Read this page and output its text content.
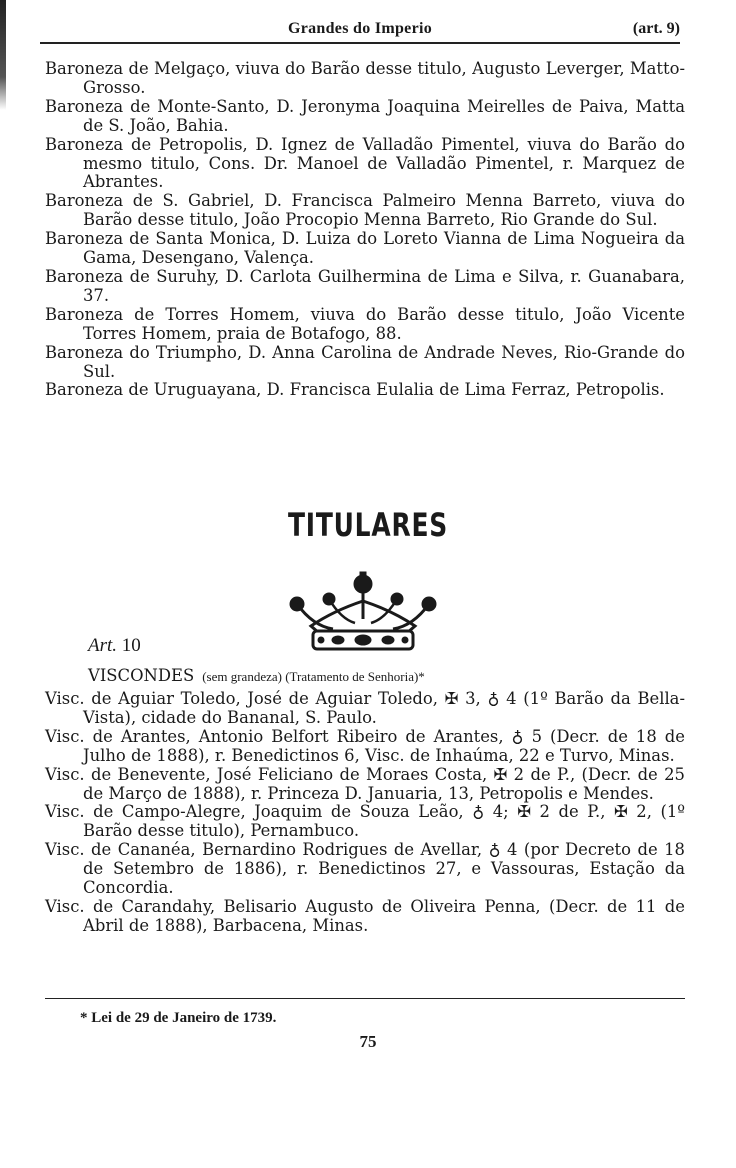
Grandes do Imperio	(art. 9)

Baroneza de Melgaço, viuva do Barão desse titulo, Augusto Leverger, Matto-Grosso.

Baroneza de Monte-Santo, D. Jeronyma Joaquina Meirelles de Paiva, Matta de S. João, Bahia.

Baroneza de Petropolis, D. Ignez de Valladão Pimentel, viuva do Barão do mesmo titulo, Cons. Dr. Manoel de Valladão Pimentel, r. Marquez de Abrantes.

Baroneza de S. Gabriel, D. Francisca Palmeiro Menna Barreto, viuva do Barão desse titulo, João Procopio Menna Barreto, Rio Grande do Sul.

Baroneza de Santa Monica, D. Luiza do Loreto Vianna de Lima Nogueira da Gama, Desengano, Valença.

Baroneza de Suruhy, D. Carlota Guilhermina de Lima e Silva, r. Guanabara, 37.

Baroneza de Torres Homem, viuva do Barão desse titulo, João Vicente Torres Homem, praia de Botafogo, 88.

Baroneza do Triumpho, D. Anna Carolina de Andrade Neves, Rio-Grande do Sul.

Baroneza de Uruguayana, D. Francisca Eulalia de Lima Ferraz, Petropolis.

TITULARES
Art. 10
VISCONDES (sem grandeza) (Tratamento de Senhoria)*

Visc. de Aguiar Toledo, José de Aguiar Toledo, ✠ 3, ♁ 4 (1º Barão da Bella-Vista), cidade do Bananal, S. Paulo.

Visc. de Arantes, Antonio Belfort Ribeiro de Arantes, ♁ 5 (Decr. de 18 de Julho de 1888), r. Benedictinos 6, Visc. de Inhaúma, 22 e Turvo, Minas.

Visc. de Benevente, José Feliciano de Moraes Costa, ✠ 2 de P., (Decr. de 25 de Março de 1888), r. Princeza D. Januaria, 13, Petropolis e Mendes.

Visc. de Campo-Alegre, Joaquim de Souza Leão, ♁ 4; ✠ 2 de P., ✠ 2, (1º Barão desse titulo), Pernambuco.

Visc. de Cananéa, Bernardino Rodrigues de Avellar, ♁ 4 (por Decreto de 18 de Setembro de 1886), r. Benedictinos 27, e Vassouras, Estação da Concordia.

Visc. de Carandahy, Belisario Augusto de Oliveira Penna, (Decr. de 11 de Abril de 1888), Barbacena, Minas.

* Lei de 29 de Janeiro de 1739.
75
